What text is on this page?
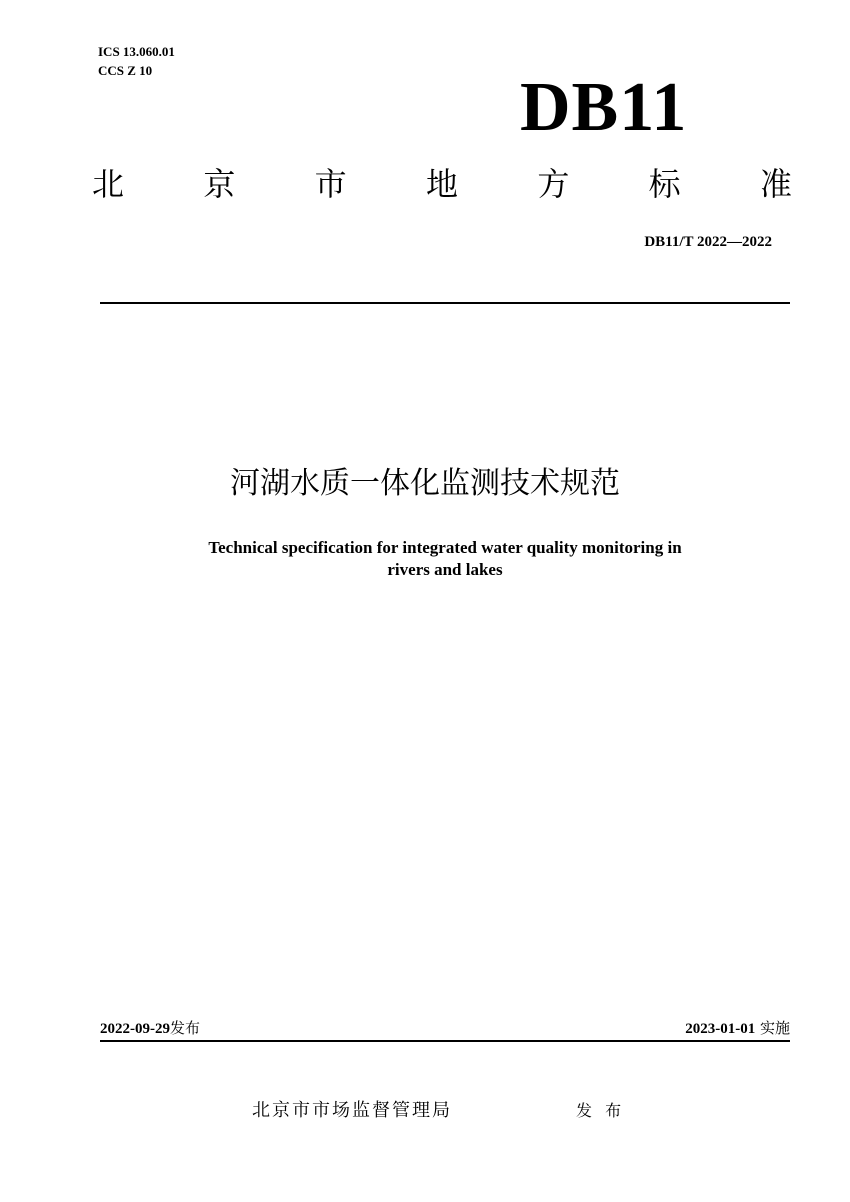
ICS 13.060.01
CCS Z 10	DB11
北 京 市 地 方 标 准
DB11/T 2022—2022
河湖水质一体化监测技术规范
Technical specification for integrated water quality monitoring in
rivers and lakes
2022-09-29发布	2023-01-01 实施
北京市市场监督管理局	发 布
